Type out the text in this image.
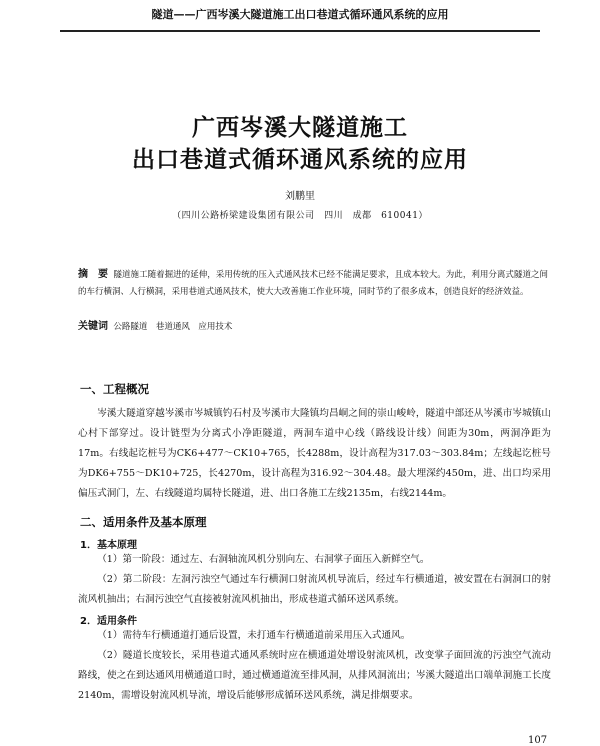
隧道——广西岑溪大隧道施工出口巷道式循环通风系统的应用
广西岑溪大隧道施工
出口巷道式循环通风系统的应用
刘鹏里
（四川公路桥梁建设集团有限公司　四川　成都　610041）
摘　要 隧道施工随着掘进的延伸，采用传统的压入式通风技术已经不能满足要求，且成本较大。为此，利用分离式隧道之间的车行横洞、人行横洞，采用巷道式通风技术，使大大改善施工作业环境，同时节约了很多成本，创造良好的经济效益。
关键词 公路隧道　巷道通风　应用技术
一、工程概况
岑溪大隧道穿越岑溪市岑城镇钓石村及岑溪市大隆镇均昌峒之间的崇山峻岭，隧道中部还从岑溪市岑城镇山心村下部穿过。设计链型为分离式小净距隧道，两洞车道中心线（路线设计线）间距为30m，两洞净距为17m。右线起讫桩号为CK6+477～CK10+765，长4288m，设计高程为317.03～303.84m；左线起讫桩号为DK6+755～DK10+725，长4270m，设计高程为316.92～304.48。最大埋深约450m，进、出口均采用偏压式洞门，左、右线隧道均属特长隧道，进、出口各施工左线2135m，右线2144m。
二、适用条件及基本原理
1．基本原理
（1）第一阶段：通过左、右洞轴流风机分别向左、右洞掌子面压入新鲜空气。
（2）第二阶段：左洞污浊空气通过车行横洞口射流风机导流后，经过车行横通道，被安置在右洞洞口的射流风机抽出；右洞污浊空气直接被射流风机抽出，形成巷道式循环送风系统。
2．适用条件
（1）需待车行横通道打通后设置，未打通车行横通道前采用压入式通风。
（2）隧道长度较长，采用巷道式通风系统时应在横通道处增设射流风机，改变掌子面回流的污浊空气流动路线，使之在到达通风用横通道口时，通过横通道流至排风洞，从排风洞流出；岑溪大隧道出口端单洞施工长度2140m，需增设射流风机导流，增设后能够形成循环送风系统，满足排烟要求。
107
